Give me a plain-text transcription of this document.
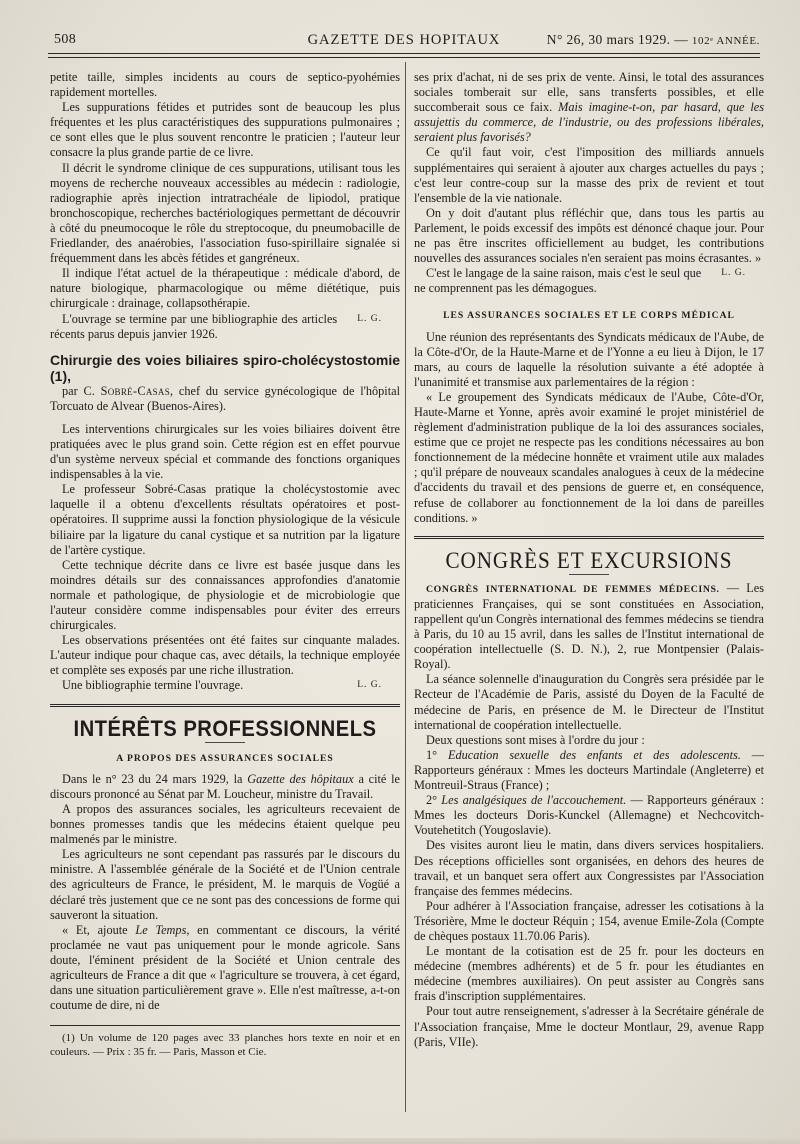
508	GAZETTE DES HOPITAUX	N° 26, 30 mars 1929. — 102ᵉ ANNÉE.

petite taille, simples incidents au cours de septico-pyohémies rapidement mortelles.

Les suppurations fétides et putrides sont de beaucoup les plus fréquentes et les plus caractéristiques des suppurations pulmonaires ; ce sont elles que le plus souvent rencontre le praticien ; l'auteur leur consacre la plus grande partie de ce livre.

Il décrit le syndrome clinique de ces suppurations, utilisant tous les moyens de recherche nouveaux accessibles au médecin : radiologie, radiographie après injection intratrachéale de lipiodol, pratique bronchoscopique, recherches bactériologiques permettant de découvrir à côté du pneumocoque le rôle du streptocoque, du pneumobacille de Friedlander, des anaérobies, l'association fuso-spirillaire signalée si fréquemment dans les abcès fétides et gangréneux.

Il indique l'état actuel de la thérapeutique : médicale d'abord, de nature biologique, pharmacologique ou même diététique, puis chirurgicale : drainage, collapsothérapie.

L. G.
L'ouvrage se termine par une bibliographie des articles récents parus depuis janvier 1926.

Chirurgie des voies biliaires spiro-cholécystostomie (1),

par C. Sobré-Casas, chef du service gynécologique de l'hôpital Torcuato de Alvear (Buenos-Aires).

Les interventions chirurgicales sur les voies biliaires doivent être pratiquées avec le plus grand soin. Cette région est en effet pourvue d'un système nerveux spécial et commande des fonctions organiques indispensables à la vie.

Le professeur Sobré-Casas pratique la cholécystostomie avec laquelle il a obtenu d'excellents résultats opératoires et post-opératoires. Il supprime aussi la fonction physiologique de la vésicule biliaire par la ligature du canal cystique et sa nutrition par la ligature de l'artère cystique.

Cette technique décrite dans ce livre est basée jusque dans les moindres détails sur des connaissances approfondies d'anatomie normale et pathologique, de physiologie et de microbiologie que l'auteur considère comme indispensables pour éviter des erreurs chirurgicales.

Les observations présentées ont été faites sur cinquante malades. L'auteur indique pour chaque cas, avec détails, la technique employée et complète ses exposés par une riche illustration.

L. G.
Une bibliographie termine l'ouvrage.

INTÉRÊTS PROFESSIONNELS
A PROPOS DES ASSURANCES SOCIALES

Dans le n° 23 du 24 mars 1929, la Gazette des hôpitaux a cité le discours prononcé au Sénat par M. Loucheur, ministre du Travail.

A propos des assurances sociales, les agriculteurs recevaient de bonnes promesses tandis que les médecins étaient quelque peu malmenés par le ministre.

Les agriculteurs ne sont cependant pas rassurés par le discours du ministre. A l'assemblée générale de la Société et de l'Union centrale des agriculteurs de France, le président, M. le marquis de Vogüé a déclaré très justement que ce ne sont pas des concessions de forme qui sauveront la situation.

« Et, ajoute Le Temps, en commentant ce discours, la vérité proclamée ne vaut pas uniquement pour le monde agricole. Sans doute, l'éminent président de la Société et Union centrale des agriculteurs de France a dit que « l'agriculture se trouvera, à cet égard, dans une situation particulièrement grave ». Elle n'est maîtresse, a-t-on coutume de dire, ni de

(1) Un volume de 120 pages avec 33 planches hors texte en noir et en couleurs. — Prix : 35 fr. — Paris, Masson et Cie.

ses prix d'achat, ni de ses prix de vente. Ainsi, le total des assurances sociales tomberait sur elle, sans transferts possibles, et elle succomberait sous ce faix. Mais imagine-t-on, par hasard, que les assujettis du commerce, de l'industrie, ou des professions libérales, seraient plus favorisés?

Ce qu'il faut voir, c'est l'imposition des milliards annuels supplémentaires qui seraient à ajouter aux charges actuelles du pays ; c'est leur contre-coup sur la masse des prix de revient et tout l'ensemble de la vie nationale.

On y doit d'autant plus réfléchir que, dans tous les partis au Parlement, le poids excessif des impôts est dénoncé chaque jour. Pour ne pas être inscrites officiellement au budget, les contributions nouvelles des assurances sociales n'en seraient pas moins écrasantes. »

L. G.
C'est le langage de la saine raison, mais c'est le seul que ne comprennent pas les démagogues.

LES ASSURANCES SOCIALES ET LE CORPS MÉDICAL

Une réunion des représentants des Syndicats médicaux de l'Aube, de la Côte-d'Or, de la Haute-Marne et de l'Yonne a eu lieu à Dijon, le 17 mars, au cours de laquelle la résolution suivante a été adoptée à l'unanimité et transmise aux parlementaires de la région :

« Le groupement des Syndicats médicaux de l'Aube, Côte-d'Or, Haute-Marne et Yonne, après avoir examiné le projet ministériel de règlement d'administration publique de la loi des assurances sociales, estime que ce projet ne respecte pas les conditions nécessaires au bon fonctionnement de la médecine honnête et vraiment utile aux malades ; qu'il prépare de nouveaux scandales analogues à ceux de la médecine d'accidents du travail et des pensions de guerre et, en conséquence, refuse de collaborer au fonctionnement de la loi dans de pareilles conditions. »

CONGRÈS ET EXCURSIONS

CONGRÈS INTERNATIONAL DE FEMMES MÉDECINS. — Les praticiennes Françaises, qui se sont constituées en Association, rappellent qu'un Congrès international des femmes médecins se tiendra à Paris, du 10 au 15 avril, dans les salles de l'Institut international de coopération intellectuelle (S. D. N.), 2, rue Montpensier (Palais-Royal).

La séance solennelle d'inauguration du Congrès sera présidée par le Recteur de l'Académie de Paris, assisté du Doyen de la Faculté de médecine de Paris, en présence de M. le Directeur de l'Institut international de coopération intellectuelle.

Deux questions sont mises à l'ordre du jour :

1° Education sexuelle des enfants et des adolescents. — Rapporteurs généraux : Mmes les docteurs Martindale (Angleterre) et Montreuil-Straus (France) ;

2° Les analgésiques de l'accouchement. — Rapporteurs généraux : Mmes les docteurs Doris-Kunckel (Allemagne) et Nechcovitch-Voutehetitch (Yougoslavie).

Des visites auront lieu le matin, dans divers services hospitaliers. Des réceptions officielles sont organisées, en dehors des heures de travail, et un banquet sera offert aux Congressistes par l'Association française des femmes médecins.

Pour adhérer à l'Association française, adresser les cotisations à la Trésorière, Mme le docteur Réquin ; 154, avenue Emile-Zola (Compte de chèques postaux 11.70.06 Paris).

Le montant de la cotisation est de 25 fr. pour les docteurs en médecine (membres adhérents) et de 5 fr. pour les étudiantes en médecine (membres auxiliaires). On peut assister au Congrès sans frais d'inscription supplémentaires.

Pour tout autre renseignement, s'adresser à la Secrétaire générale de l'Association française, Mme le docteur Montlaur, 29, avenue Rapp (Paris, VIIe).
